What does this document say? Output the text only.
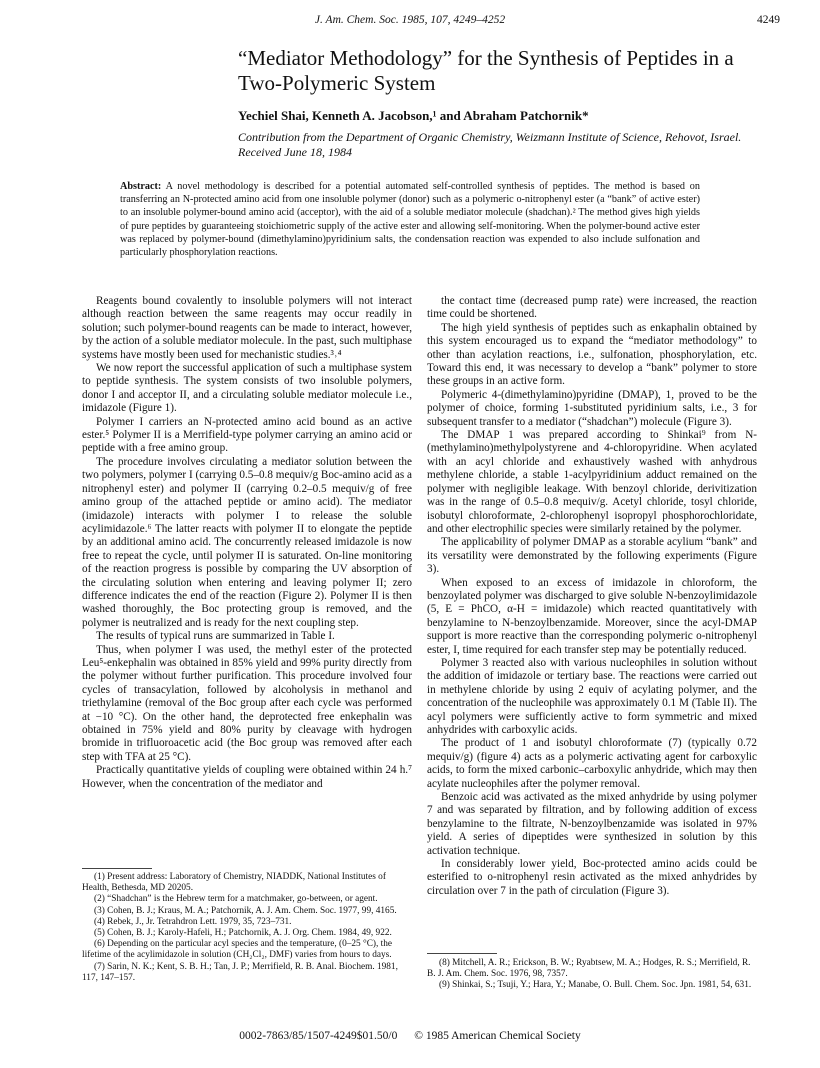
J. Am. Chem. Soc. 1985, 107, 4249–4252	4249
“Mediator Methodology” for the Synthesis of Peptides in a Two-Polymeric System

Yechiel Shai, Kenneth A. Jacobson,¹ and Abraham Patchornik*

Contribution from the Department of Organic Chemistry, Weizmann Institute of Science, Rehovot, Israel. Received June 18, 1984

Abstract: A novel methodology is described for a potential automated self-controlled synthesis of peptides. The method is based on transferring an N-protected amino acid from one insoluble polymer (donor) such as a polymeric o-nitrophenyl ester (a “bank” of active ester) to an insoluble polymer-bound amino acid (acceptor), with the aid of a soluble mediator molecule (shadchan).² The method gives high yields of pure peptides by guaranteeing stoichiometric supply of the active ester and allowing self-monitoring. When the polymer-bound active ester was replaced by polymer-bound (dimethylamino)pyridinium salts, the condensation reaction was expended to also include sulfonation and particularly phosphorylation reactions.

Reagents bound covalently to insoluble polymers will not interact although reaction between the same reagents may occur readily in solution; such polymer-bound reagents can be made to interact, however, by the action of a soluble mediator molecule. In the past, such multiphase systems have mostly been used for mechanistic studies.³˒⁴

We now report the successful application of such a multiphase system to peptide synthesis. The system consists of two insoluble polymers, donor I and acceptor II, and a circulating soluble mediator molecule i.e., imidazole (Figure 1).

Polymer I carriers an N-protected amino acid bound as an active ester.⁵ Polymer II is a Merrifield-type polymer carrying an amino acid or peptide with a free amino group.

The procedure involves circulating a mediator solution between the two polymers, polymer I (carrying 0.5–0.8 mequiv/g Boc-amino acid as a nitrophenyl ester) and polymer II (carrying 0.2–0.5 mequiv/g of free amino group of the attached peptide or amino acid). The mediator (imidazole) interacts with polymer I to release the soluble acylimidazole.⁶ The latter reacts with polymer II to elongate the peptide by an additional amino acid. The concurrently released imidazole is now free to repeat the cycle, until polymer II is saturated. On-line monitoring of the reaction progress is possible by comparing the UV absorption of the circulating solution when entering and leaving polymer II; zero difference indicates the end of the reaction (Figure 2). Polymer II is then washed thoroughly, the Boc protecting group is removed, and the polymer is neutralized and is ready for the next coupling step.

The results of typical runs are summarized in Table I.

Thus, when polymer I was used, the methyl ester of the protected Leu⁵-enkephalin was obtained in 85% yield and 99% purity directly from the polymer without further purification. This procedure involved four cycles of transacylation, followed by alcoholysis in methanol and triethylamine (removal of the Boc group after each cycle was performed at −10 °C). On the other hand, the deprotected free enkephalin was obtained in 75% yield and 80% purity by cleavage with hydrogen bromide in trifluoroacetic acid (the Boc group was removed after each step with TFA at 25 °C).

Practically quantitative yields of coupling were obtained within 24 h.⁷ However, when the concentration of the mediator and

the contact time (decreased pump rate) were increased, the reaction time could be shortened.

The high yield synthesis of peptides such as enkaphalin obtained by this system encouraged us to expand the “mediator methodology” to other than acylation reactions, i.e., sulfonation, phosphorylation, etc. Toward this end, it was necessary to develop a “bank” polymer to store these groups in an active form.

Polymeric 4-(dimethylamino)pyridine (DMAP), 1, proved to be the polymer of choice, forming 1-substituted pyridinium salts, i.e., 3 for subsequent transfer to a mediator (“shadchan”) molecule (Figure 3).

The DMAP 1 was prepared according to Shinkai⁹ from N-(methylamino)methylpolystyrene and 4-chloropyridine. When acylated with an acyl chloride and exhaustively washed with anhydrous methylene chloride, a stable 1-acylpyridinium adduct remained on the polymer with negligible leakage. With benzoyl chloride, derivitization was in the range of 0.5–0.8 mequiv/g. Acetyl chloride, tosyl chloride, isobutyl chloroformate, 2-chlorophenyl isopropyl phosphorochloridate, and other electrophilic species were similarly retained by the polymer.

The applicability of polymer DMAP as a storable acylium “bank” and its versatility were demonstrated by the following experiments (Figure 3).

When exposed to an excess of imidazole in chloroform, the benzoylated polymer was discharged to give soluble N-benzoylimidazole (5, E = PhCO, α-H = imidazole) which reacted quantitatively with benzylamine to N-benzoylbenzamide. Moreover, since the acyl-DMAP support is more reactive than the corresponding polymeric o-nitrophenyl ester, I, time required for each transfer step may be potentially reduced.

Polymer 3 reacted also with various nucleophiles in solution without the addition of imidazole or tertiary base. The reactions were carried out in methylene chloride by using 2 equiv of acylating polymer, and the concentration of the nucleophile was approximately 0.1 M (Table II). The acyl polymers were sufficiently active to form symmetric and mixed anhydrides with carboxylic acids.

The product of 1 and isobutyl chloroformate (7) (typically 0.72 mequiv/g) (figure 4) acts as a polymeric activating agent for carboxylic acids, to form the mixed carbonic–carboxylic anhydride, which may then acylate nucleophiles after the polymer removal.

Benzoic acid was activated as the mixed anhydride by using polymer 7 and was separated by filtration, and by following addition of excess benzylamine to the filtrate, N-benzoylbenzamide was isolated in 97% yield. A series of dipeptides were synthesized in solution by this activation technique.

In considerably lower yield, Boc-protected amino acids could be esterified to o-nitrophenyl resin activated as the mixed anhydrides by circulation over 7 in the path of circulation (Figure 3).

(1) Present address: Laboratory of Chemistry, NIADDK, National Institutes of Health, Bethesda, MD 20205.
(2) “Shadchan” is the Hebrew term for a matchmaker, go-between, or agent.
(3) Cohen, B. J.; Kraus, M. A.; Patchornik, A. J. Am. Chem. Soc. 1977, 99, 4165.
(4) Rebek, J., Jr. Tetrahdron Lett. 1979, 35, 723–731.
(5) Cohen, B. J.; Karoly-Hafeli, H.; Patchornik, A. J. Org. Chem. 1984, 49, 922.
(6) Depending on the particular acyl species and the temperature, (0–25 °C), the lifetime of the acylimidazole in solution (CH₂Cl₂, DMF) varies from hours to days.
(7) Sarin, N. K.; Kent, S. B. H.; Tan, J. P.; Merrifield, R. B. Anal. Biochem. 1981, 117, 147–157.
(8) Mitchell, A. R.; Erickson, B. W.; Ryabtsew, M. A.; Hodges, R. S.; Merrifield, R. B. J. Am. Chem. Soc. 1976, 98, 7357.
(9) Shinkai, S.; Tsuji, Y.; Hara, Y.; Manabe, O. Bull. Chem. Soc. Jpn. 1981, 54, 631.
0002-7863/85/1507-4249$01.50/0 © 1985 American Chemical Society
